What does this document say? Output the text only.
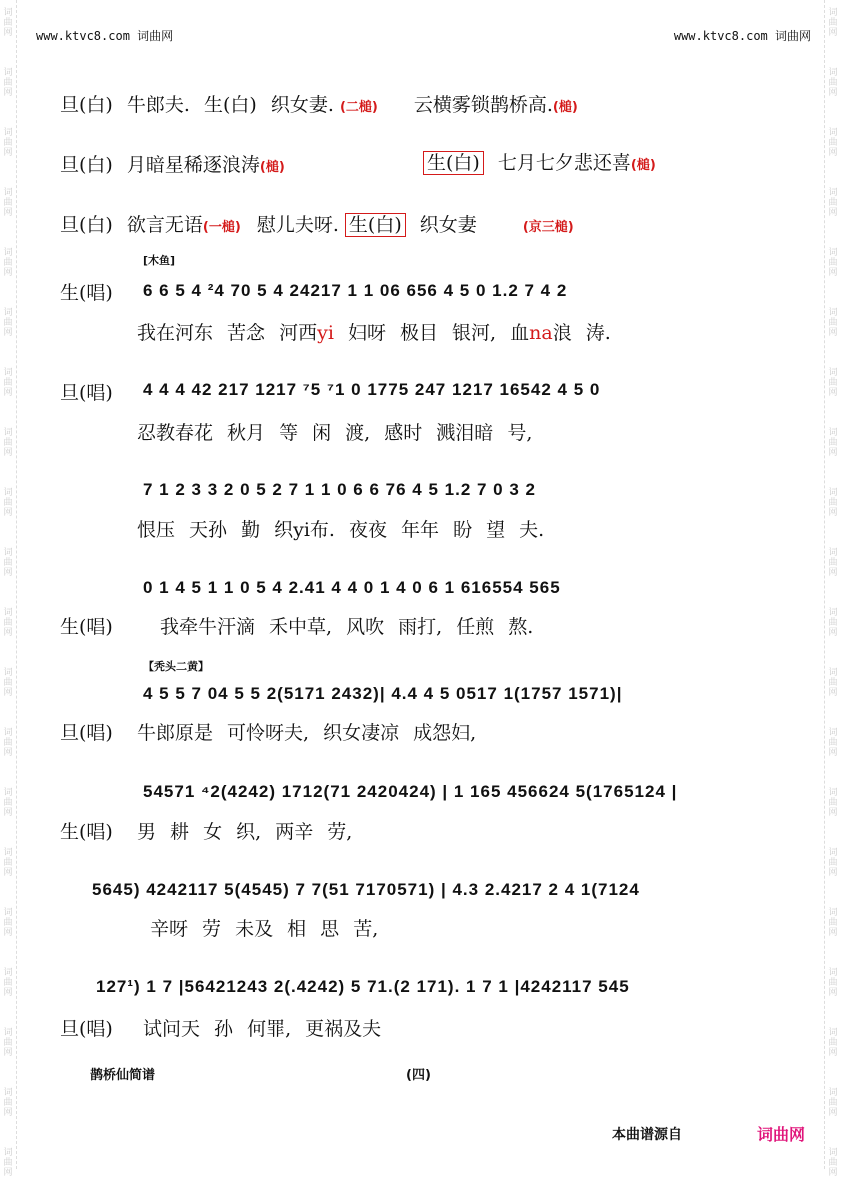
词曲网
词曲网
词曲网
词曲网
词曲网
词曲网
词曲网
词曲网
词曲网
词曲网
词曲网
词曲网
词曲网
词曲网
词曲网
词曲网
词曲网
词曲网
词曲网
词曲网
词曲网
词曲网
词曲网
词曲网
词曲网
词曲网
词曲网
词曲网
词曲网
词曲网
词曲网
词曲网
词曲网
词曲网
词曲网
词曲网
词曲网
词曲网
词曲网
词曲网
www.ktvc8.com 词曲网	www.ktvc8.com 词曲网
旦(白) 牛郎夫. 生(白) 织女妻. (二槌) 云横雾锁鹊桥高.(槌)
旦(白) 月暗星稀逐浪涛(槌)	生(白) 七月七夕悲还喜(槌)
旦(白) 欲言无语(一槌) 慰儿夫呀. 生(白) 织女妻	(京三槌)
[木鱼]
生(唱) 6 6 5 4 ²4 70 5 4 24217 1 1 06 656 4 5 0 1.2 7 4 2
我在河东 苦念 河西yi 妇呀 极目 银河, 血na浪 涛.
旦(唱) 4 4 4 42 217 1217 ⁷5 ⁷1 0 1775 247 1217 16542 4 5 0
忍教春花 秋月 等 闲 渡, 感时 溅泪暗 号,
7 1 2 3 3 2 0 5 2 7 1 1 0 6 6 76 4 5 1.2 7 0 3 2
恨压 天孙 勤 织yi布. 夜夜 年年 盼 望 夫.
0 1 4 5 1 1 0 5 4 2.41 4 4 0 1 4 0 6 1 616554 565
生(唱) 我牵牛汗滴 禾中草, 风吹 雨打, 任煎 熬.
【秃头二黄】
4 5 5 7 04 5 5 2(5171 2432)| 4.4 4 5 0517 1(1757 1571)|
旦(唱) 牛郎原是 可怜呀夫, 织女凄凉 成怨妇,
54571 ⁴2(4242) 1712(71 2420424) | 1 165 456624 5(1765124 |
生(唱) 男 耕 女 织, 两辛 劳,
5645) 4242117 5(4545) 7 7(51 7170571) | 4.3 2.4217 2 4 1(7124
辛呀 劳 未及 相 思 苦,
127¹) 1 7 |56421243 2(.4242) 5 71.(2 171). 1 7 1 |4242117 545
旦(唱) 试问天 孙 何罪, 更祸及夫
鹊桥仙简谱	(四)
本曲谱源自	词曲网
